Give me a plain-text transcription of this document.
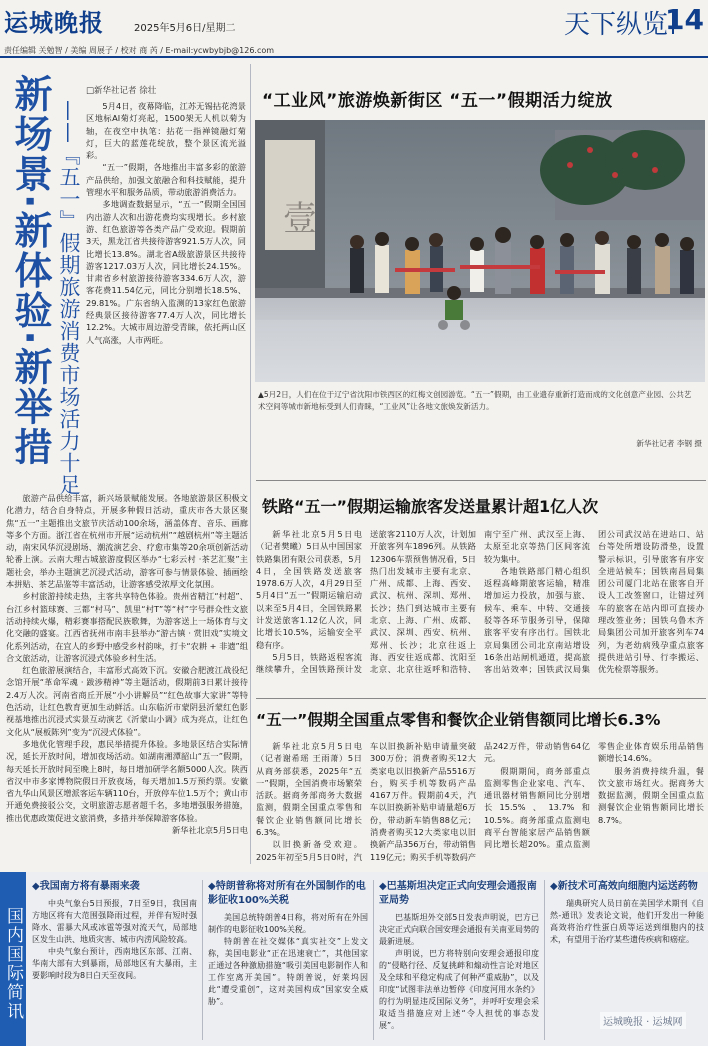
运城晚报	2025年5月6日/星期二	天下纵览
14
责任编辑 关勉智 / 美编 周展子 / 校对 商 芮 / E-mail:ycwbybjb@126.com
新场景·新体验·新举措 ——『五一』假期旅游消费市场活力十足
□新华社记者 徐壮

5月4日，夜幕降临，江苏无锡拈花湾景区地标AI菊灯亮起，1500架无人机以菊为轴，在夜空中执笔：拈花一指禅镜融灯菊灯，巨大的蓝莲花绽放，整个景区流光溢彩。

“五一”假期，各地推出丰富多彩的旅游产品供给，加强文旅融合和科技赋能，提升管理水平和服务品质，带动旅游消费活力。

多地调查数据显示，“五一”假期全国国内出游人次和出游花费均实现增长。乡村旅游、红色旅游等各类产品广受欢迎。假期前3天，黑龙江省共接待游客921.5万人次，同比增长13.8%。湖北省A级旅游景区共接待游客1217.03万人次，同比增长24.15%。甘肃省乡村旅游接待游客334.6万人次，游客花费11.54亿元，同比分别增长18.5%、29.81%。广东省纳入监测的13家红色旅游经典景区接待游客77.4万人次，同比增长12.2%。大城市周边游受青睐，依托两山区人气高涨，人市两旺。

旅游产品供给丰富，新兴场景赋能发展。各地旅游景区积极文化潜力，结合自身特点，开展多种假日活动，重庆市各大景区聚焦“五一”主题推出文旅节庆活动100余场，涵盖体育、音乐、画廊等多个方面。浙江省在杭州市开展“运动杭州”“越剧杭州”等主题活动，南宋风华沉浸剧场、潮流演艺会、疗愈市集等20余项创新活动轮番上演。云南大理古城旅游度假区举办“七彩云村 ·茶艺汇聚”主题社会，举办主题演艺沉浸式活动，游客可参与情景体验、插画绘本拼贴、茶艺品鉴等丰富活动，让游客感受浓厚文化氛围。

乡村旅游持续走热，主客共享特色体验。贵州省精江“村超”、台江乡村篮球赛、三都“村马”、凯里“村T”等“村”字号群众性文旅活动持续火爆，精彩赛事搭配民族歌舞，为游客送上一场体育与文化交融的盛宴。江西省抚州市南丰县举办“游古镇 · 赏旧戏”实境文化系列活动，在宜人的乡野中感受乡村韵味，打卡“农耕 + 非遗”组合文旅活动，让游客沉浸式体验乡村生活。

红色旅游展演结合，丰富形式高效下沉。安徽合肥渡江战役纪念馆开展“革命军魂 · 跋涉精神”等主题活动，假期前3日累计接待2.4万人次。河南省商丘开展“小小讲解员”“红色故事大家讲”等特色活动，让红色教育更加生动鲜活。山东临沂市蒙阴县沂蒙红色影视基地推出沉浸式实景互动演艺《沂蒙山小调》成为亮点，让红色文化从“展板陈列”变为“沉浸式体验”。

多地优化管理手段，惠民举措提升体验。多地景区结合实际情况，延长开放时间，增加夜场活动。如湖南湘潭韶山“五一”假期，每天延长开放时间至晚上8时，每日增加研学名额5000人次。陕西省汉中市多家博物院假日开放夜场，每天增加1.5万预约票。安徽省九华山风景区增派客运车辆110台，开放停车位1.5万个；黄山市开通免费接驳公交，文明旅游志愿者超千名，多地增强服务措施，推出优惠政策促进文旅消费，多措并举保障游客体验。

新华社北京5月5日电

“工业风”旅游焕新街区 “五一”假期活力绽放
壹
▲5月2日，人们在位于辽宁省沈阳市铁西区的红梅文创园游览。“五一”假期，由工业遗存重新打造而成的文化创意产业园、公共艺术空间等城市新地标受到人们青睐，“工业风”让各地文旅焕发新活力。
新华社记者 李钢 摄
铁路“五一”假期运输旅客发送量累计超1亿人次

新华社北京5月5日电（记者樊曦）5日从中国国家铁路集团有限公司获悉，5月4日，全国铁路发送旅客1978.6万人次，4月29日至5月4日“五一”假期运输启动以来至5月4日，全国铁路累计发送旅客1.12亿人次，同比增长10.5%，运输安全平稳有序。

5月5日，铁路返程客流继续攀升，全国铁路预计发送旅客2110万人次，计划加开旅客列车1896列。从铁路12306车票预售情况看，5日热门出发城市主要有北京、广州、成都、上海、西安、武汉、杭州、深圳、郑州、长沙；热门到达城市主要有北京、上海、广州、成都、武汉、深圳、西安、杭州、郑州、长沙；北京往返上海、西安往返成都、沈阳至北京、北京往返呼和浩特、南宁至广州、武汉至上海、太原至北京等热门区间客流较为集中。

各地铁路部门精心组织返程高峰期旅客运输，精准增加运力投放，加强与旅、候车、乘车、中转、交通接驳等各环节服务引导，保障旅客平安有序出行。国铁北京局集团公司北京南站增设16条出站闸机通道，提高旅客出站效率；国铁武汉局集团公司武汉站在进站口、站台等处所增设防滑垫，设置警示标识，引导旅客有序安全进站候车；国铁南昌局集团公司厦门北站在旅客自开设人工改签窗口，让错过列车的旅客在站内即可直接办理改签业务；国铁乌鲁木齐局集团公司加开旅客列车74列，为老幼病残孕重点旅客提供进站引导、行李搬运、优先检票等服务。

“五一”假期全国重点零售和餐饮企业销售额同比增长6.3%

新华社北京5月5日电（记者谢希瑶 王雨萧）5日从商务部获悉，2025年“五一”假期，全国消费市场繁荣活跃。据商务部商务大数据监测，假期全国重点零售和餐饮企业销售额同比增长6.3%。

以旧换新备受欢迎。2025年初至5月5日0时，汽车以旧换新补贴申请量突破300万份；消费者购买12大类家电以旧换新产品5516万台，购买手机等数码产品4167万件。假期前4天，汽车以旧换新补贴申请量超6万份，带动新车销售88亿元；消费者购买12大类家电以旧换新产品356万台，带动销售119亿元；购买手机等数码产品242万件，带动销售64亿元。

假期期间，商务部重点监测零售企业家电、汽车、通讯器材销售额同比分别增长15.5%、13.7%和10.5%。商务部重点监测电商平台智能家居产品销售额同比增长超20%。重点监测零售企业体育娱乐用品销售额增长14.6%。

服务消费持续升温，餐饮文旅市场红火。据商务大数据监测，假期全国重点监测餐饮企业销售额同比增长8.7%。

国内国际简讯
◆我国南方将有暴雨来袭

中央气象台5日预报，7日至9日，我国南方地区将有大范围强降雨过程，并伴有短时强降水、雷暴大风或冰雹等强对流天气，局部地区发生山洪、地质灾害、城市内涝风险较高。

中央气象台预计，西南地区东部、江南、华南大部有大到暴雨，局部地区有大暴雨，主要影响时段为8日白天至夜间。

◆特朗普称将对所有在外国制作的电影征收100%关税

美国总统特朗普4日称，将对所有在外国制作的电影征收100%关税。

特朗普在社交媒体“真实社交”上发文称，美国电影业“正在迅速衰亡”，其他国家正通过各种激励措施“吸引美国电影制作人和工作室离开美国”。特朗普说，好莱坞因此“遭受重创”，这对美国构成“国家安全威胁”。

◆巴基斯坦决定正式向安理会通报南亚局势

巴基斯坦外交部5日发表声明说，巴方已决定正式向联合国安理会通报有关南亚局势的最新进展。

声明说，巴方将特别向安理会通报印度的“侵略行径、反复挑衅和煽动性言论对地区及全球和平稳定构成了何种严重威胁”，以及印度“试图非法单边暂停《印度河用水条约》的行为明显违反国际义务”，并呼吁安理会采取适当措施应对上述“令人担忧的事态发展”。

◆新技术可高效向细胞内运送药物

瑞典研究人员日前在美国学术期刊《自然-通讯》发表论文说，他们开发出一种能高效将治疗性蛋白质等运送到细胞内的技术，有望用于治疗某些遗传疾病和癌症。

运城晚报 · 运城网
